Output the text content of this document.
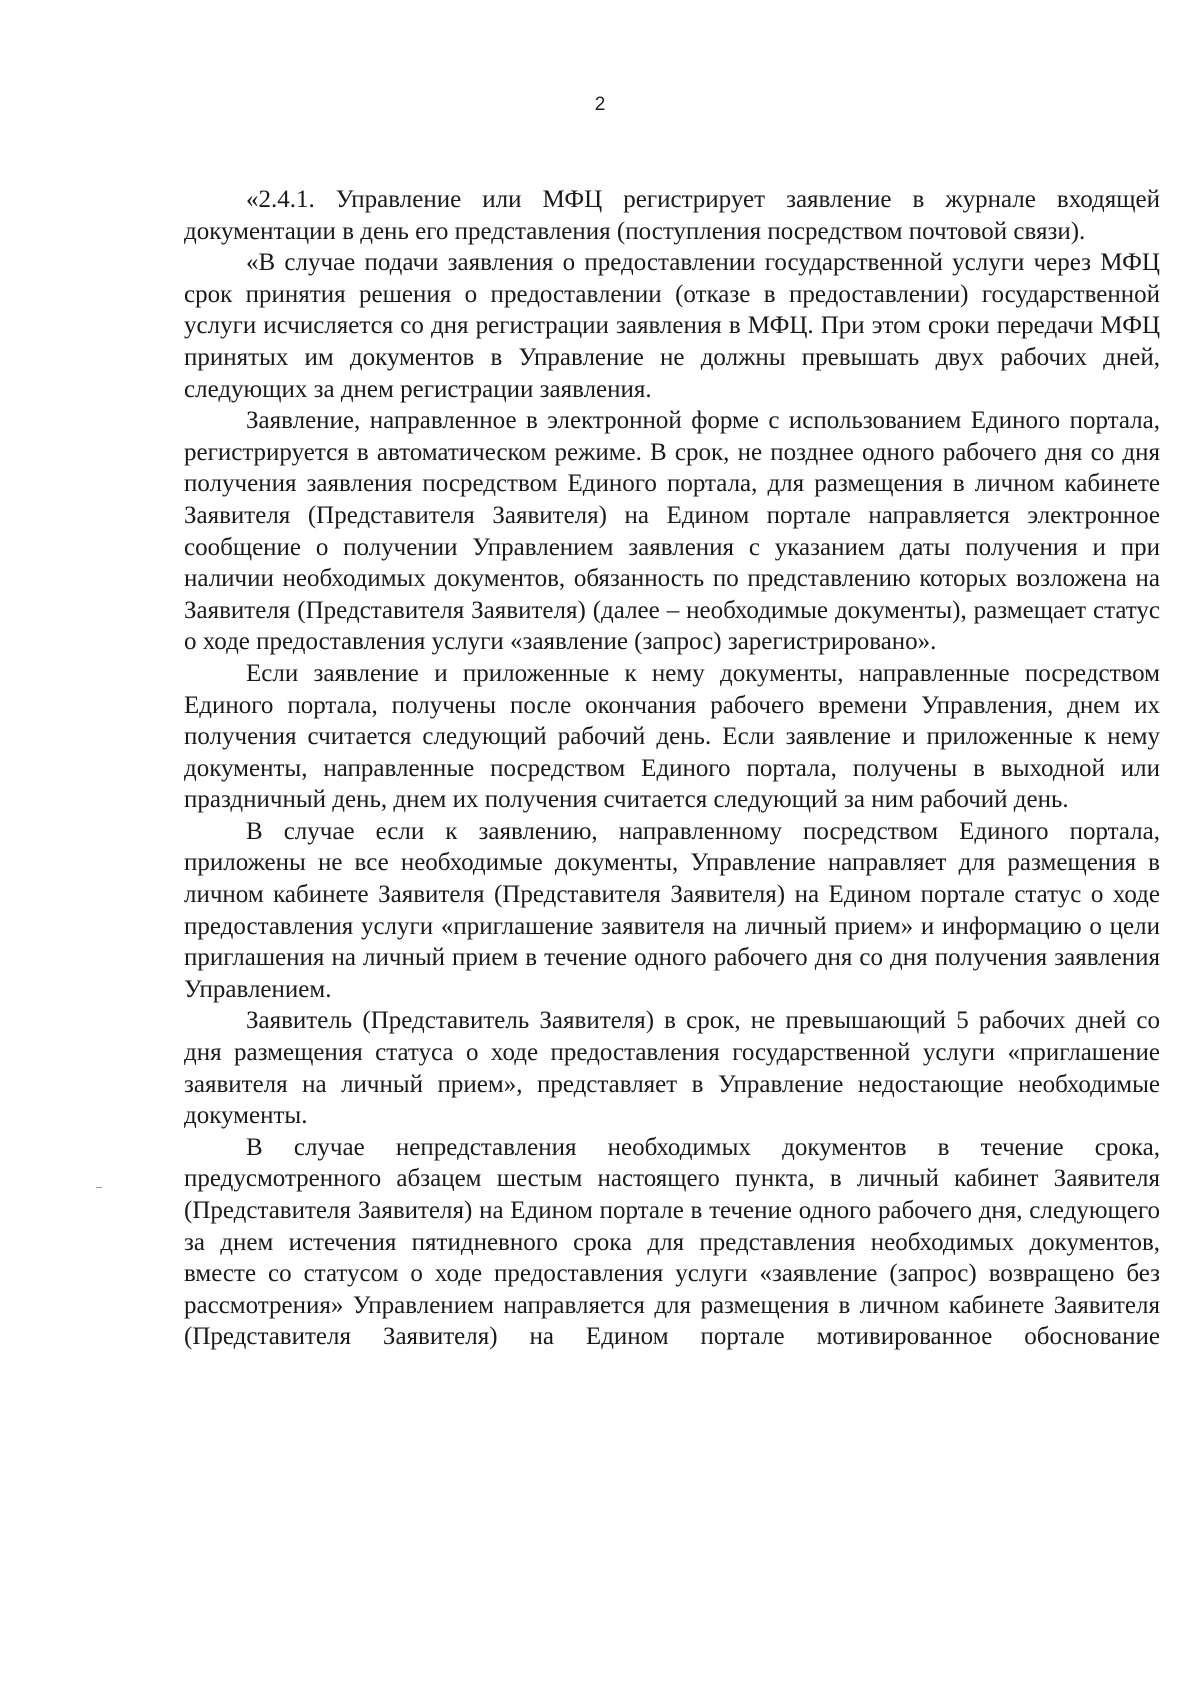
2

«2.4.1. Управление или МФЦ регистрирует заявление в журнале входящей документации в день его представления (поступления посредством почтовой связи).

«В случае подачи заявления о предоставлении государственной услуги через МФЦ срок принятия решения о предоставлении (отказе в предоставлении) государственной услуги исчисляется со дня регистрации заявления в МФЦ. При этом сроки передачи МФЦ принятых им документов в Управление не должны превышать двух рабочих дней, следующих за днем регистрации заявления.

Заявление, направленное в электронной форме с использованием Единого портала, регистрируется в автоматическом режиме. В срок, не позднее одного рабочего дня со дня получения заявления посредством Единого портала, для размещения в личном кабинете Заявителя (Представителя Заявителя) на Едином портале направляется электронное сообщение о получении Управлением заявления с указанием даты получения и при наличии необходимых документов, обязанность по представлению которых возложена на Заявителя (Представителя Заявителя) (далее – необходимые документы), размещает статус о ходе предоставления услуги «заявление (запрос) зарегистрировано».

Если заявление и приложенные к нему документы, направленные посредством Единого портала, получены после окончания рабочего времени Управления, днем их получения считается следующий рабочий день. Если заявление и приложенные к нему документы, направленные посредством Единого портала, получены в выходной или праздничный день, днем их получения считается следующий за ним рабочий день.

В случае если к заявлению, направленному посредством Единого портала, приложены не все необходимые документы, Управление направляет для размещения в личном кабинете Заявителя (Представителя Заявителя) на Едином портале статус о ходе предоставления услуги «приглашение заявителя на личный прием» и информацию о цели приглашения на личный прием в течение одного рабочего дня со дня получения заявления Управлением.

Заявитель (Представитель Заявителя) в срок, не превышающий 5 рабочих дней со дня размещения статуса о ходе предоставления государственной услуги «приглашение заявителя на личный прием», представляет в Управление недостающие необходимые документы.

В случае непредставления необходимых документов в течение срока, предусмотренного абзацем шестым настоящего пункта, в личный кабинет Заявителя (Представителя Заявителя) на Едином портале в течение одного рабочего дня, следующего за днем истечения пятидневного срока для представления необходимых документов, вместе со статусом о ходе предоставления услуги «заявление (запрос) возвращено без рассмотрения» Управлением направляется для размещения в личном кабинете Заявителя (Представителя Заявителя) на Едином портале мотивированное обоснование
